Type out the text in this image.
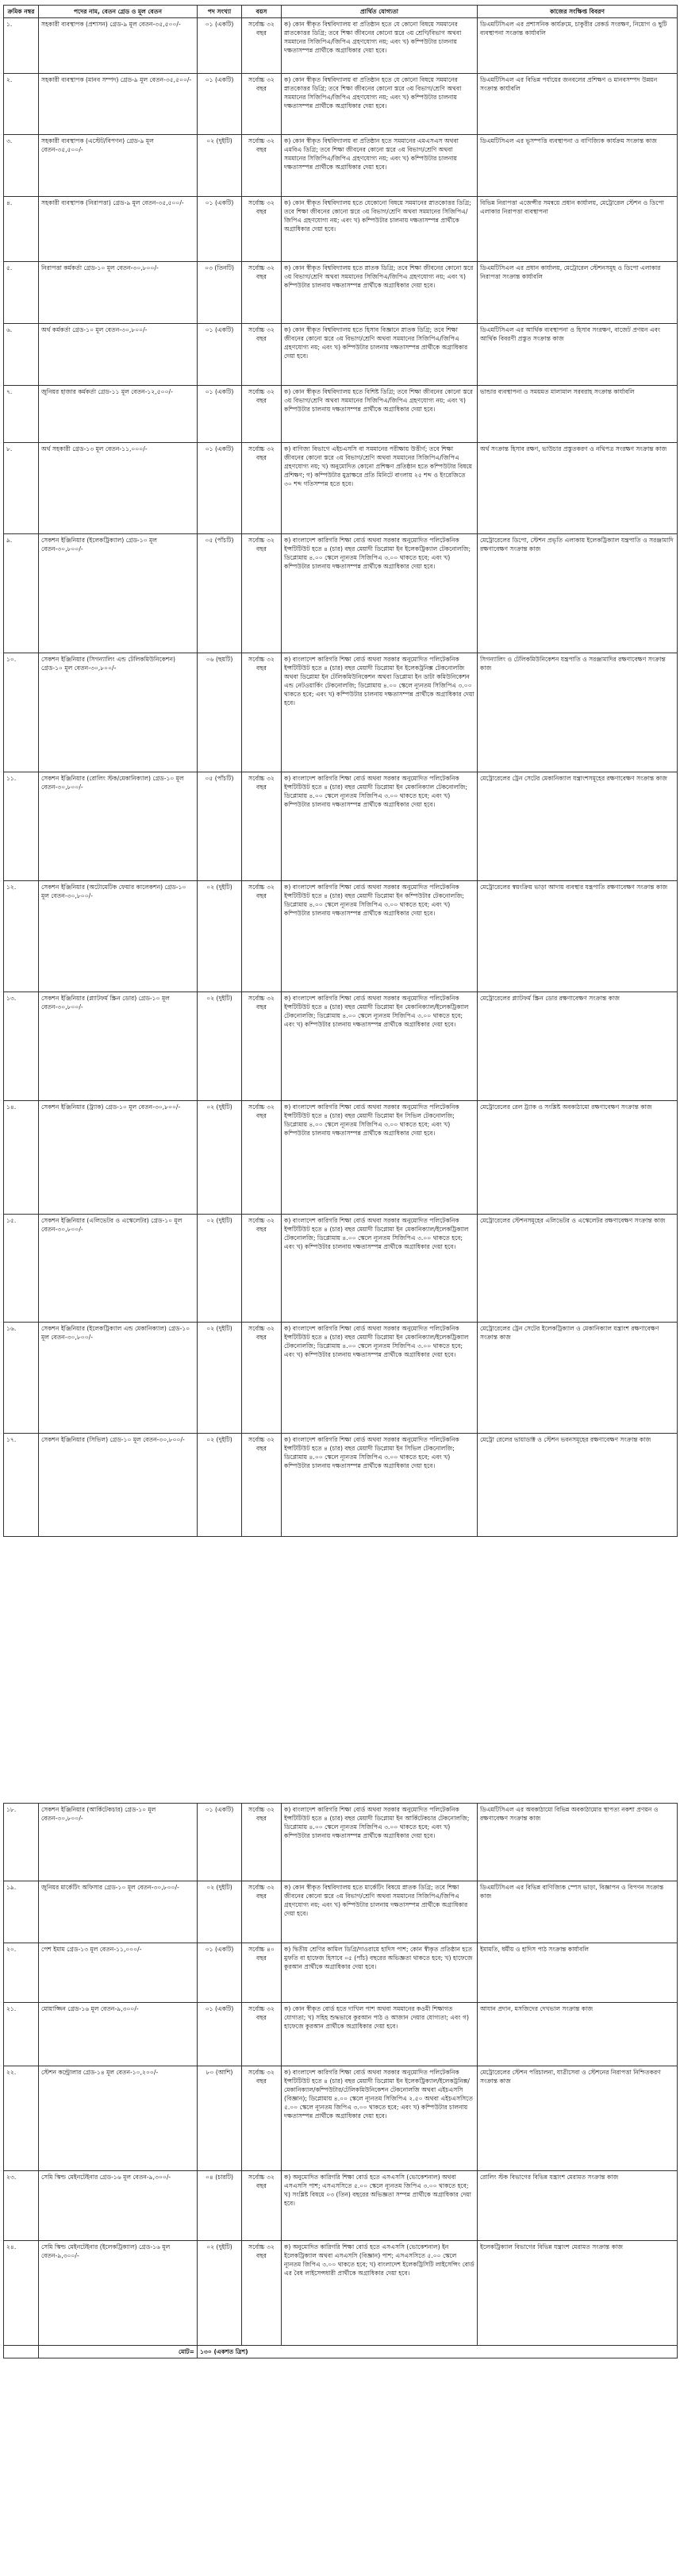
ক্রমিক নম্বর	পদের নাম, বেতন গ্রেড ও মূল বেতন	পদ সংখ্যা	বয়স	প্রার্থিত যোগ্যতা	কাজের সংক্ষিপ্ত বিবরণ
১.	সহকারী ব্যবস্থাপক (প্রশাসন) গ্রেড-৯ মূল বেতন-৩৫,৫০০/-	০১ (একটি)	সর্বোচ্চ ৩২ বছর	ক) কোন স্বীকৃত বিশ্ববিদ্যালয় বা প্রতিষ্ঠান হতে যে কোনো বিষয়ে সমমানের স্নাতকোত্তর ডিগ্রি; তবে শিক্ষা জীবনের কোনো স্তরে ৩য় শ্রেণি/বিভাগ অথবা সমমানের সিজিপিএ/জিপিএ গ্রহণযোগ্য নয়; এবং খ) কম্পিউটার চালনায় দক্ষতাসম্পন্ন প্রার্থীকে অগ্রাধিকার দেয়া হবে।	ডিএমটিসিএল এর প্রশাসনিক কার্যক্রমে, চাকুরীর রেকর্ড সংরক্ষণ, নিয়োগ ও ছুটি ব্যবস্থাপনা সংক্রান্ত কার্যাবলি
২.	সহকারী ব্যবস্থাপক (মানব সম্পদ) গ্রেড-৯ মূল বেতন-৩৫,৫০০/-	০১ (একটি)	সর্বোচ্চ ৩২ বছর	ক) কোন স্বীকৃত বিশ্ববিদ্যালয় বা প্রতিষ্ঠান হতে যে কোনো বিষয়ে সমমানের স্নাতকোত্তর ডিগ্রি; তবে শিক্ষা জীবনের কোনো স্তরে ৩য় বিভাগ/শ্রেণি অথবা সমমানের সিজিপিএ/জিপিএ গ্রহণযোগ্য নয়; এবং খ) কম্পিউটার চালনায় দক্ষতাসম্পন্ন প্রার্থীকে অগ্রাধিকার দেয়া হবে।	ডিএমটিসিএল এর বিভিন্ন পর্যায়ের জনবলের প্রশিক্ষণ ও মানবসম্পদ উন্নয়ন সংক্রান্ত কার্যাবলি
৩.	সহকারী ব্যবস্থাপক (এস্টেট/বিপণন) গ্রেড-৯ মূল বেতন-৩৫,৫০০/-	০২ (দুইটি)	সর্বোচ্চ ৩২ বছর	ক) কোন স্বীকৃত বিশ্ববিদ্যালয় বা প্রতিষ্ঠান হতে সমমানের এমএসএস অথবা এমবিএ ডিগ্রি; তবে শিক্ষা জীবনের কোনো স্তরে ৩য় বিভাগ/শ্রেণি অথবা সমমানের সিজিপিএ/জিপিএ গ্রহণযোগ্য নয়; এবং খ) কম্পিউটার চালনায় দক্ষতাসম্পন্ন প্রার্থীকে অগ্রাধিকার দেয়া হবে।	ডিএমটিসিএল এর ভূসম্পত্তি ব্যবস্থাপনা ও বাণিজ্যিক কার্যক্রম সংক্রান্ত কাজ
৪.	সহকারী ব্যবস্থাপক (নিরাপত্তা) গ্রেড-৯ মূল বেতন-৩৫,৫০০/-	০১ (একটি)	সর্বোচ্চ ৩২ বছর	ক) কোন স্বীকৃত বিশ্ববিদ্যালয় হতে যেকোনো বিষয়ে সমমানের স্নাতকোত্তর ডিগ্রি; তবে শিক্ষা জীবনের কোনো স্তরে ৩য় বিভাগ/শ্রেণি অথবা সমমানের সিজিপিএ/জিপিএ গ্রহণযোগ্য নয়; এবং খ) কম্পিউটার চালনায় দক্ষতাসম্পন্ন প্রার্থীকে অগ্রাধিকার দেয়া হবে।	বিভিন্ন নিরাপত্তা এজেন্সীর সমন্বয়ে প্রধান কার্যালয়, মেট্রোরেল স্টেশন ও ডিপো এলাকার নিরাপত্তা ব্যবস্থাপনা
৫.	নিরাপত্তা কর্মকর্তা গ্রেড-১০ মূল বেতন-৩০,৮০০/-	০৩ (তিনটি)	সর্বোচ্চ ৩২ বছর	ক) কোন স্বীকৃত বিশ্ববিদ্যালয় হতে স্নাতক ডিগ্রি; তবে শিক্ষা জীবনের কোনো স্তরে ৩য় বিভাগ/শ্রেণি অথবা সমমানের সিজিপিএ/জিপিএ গ্রহণযোগ্য নয়; এবং খ) কম্পিউটার চালনায় দক্ষতাসম্পন্ন প্রার্থীকে অগ্রাধিকার দেয়া হবে।	ডিএমটিসিএল এর প্রধান কার্যালয়, মেট্রোরেল স্টেশনসমূহ ও ডিপো এলাকার নিরাপত্তা সংক্রান্ত কার্যাবলি
৬.	অর্থ কর্মকর্তা গ্রেড-১০ মূল বেতন-৩০,৮০০/-	০১ (একটি)	সর্বোচ্চ ৩২ বছর	ক) কোন স্বীকৃত বিশ্ববিদ্যালয় হতে হিসাব বিজ্ঞানে স্নাতক ডিগ্রি; তবে শিক্ষা জীবনের কোনো স্তরে ৩য় বিভাগ/শ্রেণি অথবা সমমানের সিজিপিএ/জিপিএ গ্রহণযোগ্য নয়; এবং খ) কম্পিউটার চালনায় দক্ষতাসম্পন্ন প্রার্থীকে অগ্রাধিকার দেয়া হবে।	ডিএমটিসিএল এর আর্থিক ব্যবস্থাপনা ও হিসাব সংরক্ষণ, বাজেট প্রণয়ন এবং আর্থিক বিবরণী প্রস্তুত সংক্রান্ত কাজ
৭.	জুনিয়র হাজার কর্মকর্তা গ্রেড-১১ মূল বেতন-১২,৫০০/-	০১ (একটি)	সর্বোচ্চ ৩২ বছর	ক) কোন স্বীকৃত বিশ্ববিদ্যালয় হতে বিশিষ্ট ডিগ্রি; তবে শিক্ষা জীবনের কোনো স্তরে ৩য় বিভাগ/শ্রেণি অথবা সমমানের সিজিপিএ/জিপিএ গ্রহণযোগ্য নয়; এবং খ) কম্পিউটার চালনায় দক্ষতাসম্পন্ন প্রার্থীকে অগ্রাধিকার দেয়া হবে।	ভান্ডার ব্যবস্থাপনা ও সময়মত মালামাল সরবরাহ সংক্রান্ত কার্যাবলি
৮.	অর্থ সহকারী গ্রেড-১৩ মূল বেতন-১১,০০০/-	০১ (একটি)	সর্বোচ্চ ৩২ বছর	ক) বাণিজ্য বিভাগে এইচএসসি বা সমমানের পরীক্ষায় উত্তীর্ণ; তবে শিক্ষা জীবনের কোনো স্তরে ৩য় বিভাগ/শ্রেণি অথবা সমমানের সিজিপিএ/জিপিএ গ্রহণযোগ্য নয়; খ) অনুমোদিত কোনো প্রশিক্ষণ প্রতিষ্ঠান হতে কম্পিউটার বিষয়ে প্রশিক্ষণ; গ) কম্পিউটার মুদ্রাক্ষরে প্রতি মিনিটে বাংলায় ২৫ শব্দ ও ইংরেজিতে ৩০ শব্দ গতিসম্পন্ন হতে হবে।	অর্থ সংক্রান্ত হিসাব রক্ষণ, ভাউচার প্রস্তুতকরণ ও নথিপত্র সংরক্ষণ সংক্রান্ত কাজ
৯.	সেকশন ইঞ্জিনিয়ার (ইলেকট্রিক্যাল) গ্রেড-১০ মূল বেতন-৩০,৮০০/-	০৫ (পাঁচটি)	সর্বোচ্চ ৩২ বছর	ক) বাংলাদেশ কারিগরি শিক্ষা বোর্ড অথবা সরকার অনুমোদিত পলিটেকনিক ইন্সটিটিউট হতে ৪ (চার) বছর মেয়াদী ডিপ্লোমা ইন ইলেকট্রিক্যাল টেকনোলজি; ডিপ্লোমায় ৪.০০ স্কেলে ন্যূনতম সিজিপিএ ৩.০০ থাকতে হবে; এবং খ) কম্পিউটার চালনায় দক্ষতাসম্পন্ন প্রার্থীকে অগ্রাধিকার দেয়া হবে।	মেট্রোরেলের ডিপো, স্টেশন প্রভৃতি এলাকায় ইলেকট্রিক্যাল যন্ত্রপাতি ও সরঞ্জামাদি রক্ষণাবেক্ষণ সংক্রান্ত কাজ
১০.	সেকশন ইঞ্জিনিয়ার (সিগন্যালিং এন্ড টেলিকমিউনিকেশন) গ্রেড-১০ মূল বেতন-৩০,৮০০/-	০৬ (ছয়টি)	সর্বোচ্চ ৩২ বছর	ক) বাংলাদেশ কারিগরি শিক্ষা বোর্ড অথবা সরকার অনুমোদিত পলিটেকনিক ইন্সটিটিউট হতে ৪ (চার) বছর মেয়াদী ডিপ্লোমা ইন ইলেকট্রনিক্স টেকনোলজি অথবা ডিপ্লোমা ইন টেলিকমিউনিকেশন অথবা ডিপ্লোমা ইন ডাটা কমিউনিকেশন এন্ড নেটওয়ার্কিং টেকনোলজি; ডিপ্লোমায় ৪.০০ স্কেলে ন্যূনতম সিজিপিএ ৩.০০ থাকতে হবে; এবং খ) কম্পিউটার চালনায় দক্ষতাসম্পন্ন প্রার্থীকে অগ্রাধিকার দেয়া হবে।	সিগন্যালিং ও টেলিকমিউনিকেশন যন্ত্রপাতি ও সরঞ্জামাদির রক্ষণাবেক্ষণ সংক্রান্ত কাজ
১১.	সেকশন ইঞ্জিনিয়ার (রোলিং স্টক/মেকানিক্যাল) গ্রেড-১০ মূল বেতন-৩০,৮০০/-	০৫ (পাঁচটি)	সর্বোচ্চ ৩২ বছর	ক) বাংলাদেশ কারিগরি শিক্ষা বোর্ড অথবা সরকার অনুমোদিত পলিটেকনিক ইন্সটিটিউট হতে ৪ (চার) বছর মেয়াদী ডিপ্লোমা ইন মেকানিক্যাল টেকনোলজি; ডিপ্লোমায় ৪.০০ স্কেলে ন্যূনতম সিজিপিএ ৩.০০ থাকতে হবে; এবং খ) কম্পিউটার চালনায় দক্ষতাসম্পন্ন প্রার্থীকে অগ্রাধিকার দেয়া হবে।	মেট্রোরেলের ট্রেন সেটের মেকানিক্যাল যন্ত্রাংশসমূহের রক্ষণাবেক্ষণ সংক্রান্ত কাজ
১২.	সেকশন ইঞ্জিনিয়ার (অটোমেটিক ফেয়ার কালেকশন) গ্রেড-১০ মূল বেতন-৩০,৮০০/-	০২ (দুইটি)	সর্বোচ্চ ৩২ বছর	ক) বাংলাদেশ কারিগরি শিক্ষা বোর্ড অথবা সরকার অনুমোদিত পলিটেকনিক ইন্সটিটিউট হতে ৪ (চার) বছর মেয়াদী ডিপ্লোমা ইন কম্পিউটার টেকনোলজি; ডিপ্লোমায় ৪.০০ স্কেলে ন্যূনতম সিজিপিএ ৩.০০ থাকতে হবে; এবং খ) কম্পিউটার চালনায় দক্ষতাসম্পন্ন প্রার্থীকে অগ্রাধিকার দেয়া হবে।	মেট্রোরেলের স্বয়ংক্রিয় ভাড়া আদায় ব্যবস্থার যন্ত্রপাতি রক্ষণাবেক্ষণ সংক্রান্ত কাজ
১৩.	সেকশন ইঞ্জিনিয়ার (প্ল্যাটফর্ম স্ক্রিন ডোর) গ্রেড-১০ মূল বেতন-৩০,৮০০/-	০২ (দুইটি)	সর্বোচ্চ ৩২ বছর	ক) বাংলাদেশ কারিগরি শিক্ষা বোর্ড অথবা সরকার অনুমোদিত পলিটেকনিক ইন্সটিটিউট হতে ৪ (চার) বছর মেয়াদী ডিপ্লোমা ইন মেকানিক্যাল/ইলেকট্রিক্যাল টেকনোলজি; ডিপ্লোমায় ৪.০০ স্কেলে ন্যূনতম সিজিপিএ ৩.০০ থাকতে হবে; এবং খ) কম্পিউটার চালনায় দক্ষতাসম্পন্ন প্রার্থীকে অগ্রাধিকার দেয়া হবে।	মেট্রোরেলের প্ল্যাটফর্ম স্ক্রিন ডোর রক্ষণাবেক্ষণ সংক্রান্ত কাজ
১৪.	সেকশন ইঞ্জিনিয়ার (ট্র্যাক) গ্রেড-১০ মূল বেতন-৩০,৮০০/-	০২ (দুইটি)	সর্বোচ্চ ৩২ বছর	ক) বাংলাদেশ কারিগরি শিক্ষা বোর্ড অথবা সরকার অনুমোদিত পলিটেকনিক ইন্সটিটিউট হতে ৪ (চার) বছর মেয়াদী ডিপ্লোমা ইন সিভিল টেকনোলজি; ডিপ্লোমায় ৪.০০ স্কেলে ন্যূনতম সিজিপিএ ৩.০০ থাকতে হবে; এবং খ) কম্পিউটার চালনায় দক্ষতাসম্পন্ন প্রার্থীকে অগ্রাধিকার দেয়া হবে।	মেট্রোরেলের রেল ট্র্যাক ও সংশ্লিষ্ট অবকাঠামো রক্ষণাবেক্ষণ সংক্রান্ত কাজ
১৫.	সেকশন ইঞ্জিনিয়ার (এলিভেটর ও এস্কেলেটর) গ্রেড-১০ মূল বেতন-৩০,৮০০/-	০২ (দুইটি)	সর্বোচ্চ ৩২ বছর	ক) বাংলাদেশ কারিগরি শিক্ষা বোর্ড অথবা সরকার অনুমোদিত পলিটেকনিক ইন্সটিটিউট হতে ৪ (চার) বছর মেয়াদী ডিপ্লোমা ইন মেকানিক্যাল/ইলেকট্রিক্যাল টেকনোলজি; ডিপ্লোমায় ৪.০০ স্কেলে ন্যূনতম সিজিপিএ ৩.০০ থাকতে হবে; এবং খ) কম্পিউটার চালনায় দক্ষতাসম্পন্ন প্রার্থীকে অগ্রাধিকার দেয়া হবে।	মেট্রোরেলের স্টেশনসমূহের এলিভেটর ও এস্কেলেটর রক্ষণাবেক্ষণ সংক্রান্ত কাজ
১৬.	সেকশন ইঞ্জিনিয়ার (ইলেকট্রিক্যাল এন্ড মেকানিক্যাল) গ্রেড-১০ মূল বেতন-৩০,৮০০/-	০২ (দুইটি)	সর্বোচ্চ ৩২ বছর	ক) বাংলাদেশ কারিগরি শিক্ষা বোর্ড অথবা সরকার অনুমোদিত পলিটেকনিক ইন্সটিটিউট হতে ৪ (চার) বছর মেয়াদী ডিপ্লোমা ইন মেকানিক্যাল/ইলেকট্রিক্যাল টেকনোলজি; ডিপ্লোমায় ৪.০০ স্কেলে ন্যূনতম সিজিপিএ ৩.০০ থাকতে হবে; এবং খ) কম্পিউটার চালনায় দক্ষতাসম্পন্ন প্রার্থীকে অগ্রাধিকার দেয়া হবে।	মেট্রোরেলের ট্রেন সেটের ইলেকট্রিক্যাল ও মেকানিক্যাল যন্ত্রাংশ রক্ষণাবেক্ষণ সংক্রান্ত কাজ
১৭.	সেকশন ইঞ্জিনিয়ার (সিভিল) গ্রেড-১০ মূল বেতন-৩০,৮০০/-	০২ (দুইটি)	সর্বোচ্চ ৩২ বছর	ক) বাংলাদেশ কারিগরি শিক্ষা বোর্ড অথবা সরকার অনুমোদিত পলিটেকনিক ইন্সটিটিউট হতে ৪ (চার) বছর মেয়াদী ডিপ্লোমা ইন সিভিল টেকনোলজি; ডিপ্লোমায় ৪.০০ স্কেলে ন্যূনতম সিজিপিএ ৩.০০ থাকতে হবে; এবং খ) কম্পিউটার চালনায় দক্ষতাসম্পন্ন প্রার্থীকে অগ্রাধিকার দেয়া হবে।	মেট্রো রেলের ভায়াডাক্ট ও স্টেশন ভবনসমূহের রক্ষণাবেক্ষণ সংক্রান্ত কাজ
১৮.	সেকশন ইঞ্জিনিয়ার (আর্কিটেকচার) গ্রেড-১০ মূল বেতন-৩০,৮০০/-	০১ (একটি)	সর্বোচ্চ ৩২ বছর	ক) বাংলাদেশ কারিগরি শিক্ষা বোর্ড অথবা সরকার অনুমোদিত পলিটেকনিক ইন্সটিটিউট হতে ৪ (চার) বছর মেয়াদী ডিপ্লোমা ইন আর্কিটেকচার টেকনোলজি; ডিপ্লোমায় ৪.০০ স্কেলে ন্যূনতম সিজিপিএ ৩.০০ থাকতে হবে; এবং খ) কম্পিউটার চালনায় দক্ষতাসম্পন্ন প্রার্থীকে অগ্রাধিকার দেয়া হবে।	ডিএমটিসিএল এর অবকাঠামো বিভিন্ন অবকাঠামোর স্থাপত্য নকশা প্রণয়ন ও রক্ষণাবেক্ষণ সংক্রান্ত কাজ
১৯.	জুনিয়র মার্কেটিং অফিসার গ্রেড-১০ মূল বেতন-৩০,৮০০/-	০২ (দুইটি)	সর্বোচ্চ ৩২ বছর	ক) কোন স্বীকৃত বিশ্ববিদ্যালয় হতে মার্কেটিং বিষয়ে স্নাতক ডিগ্রি; তবে শিক্ষা জীবনের কোনো স্তরে ৩য় বিভাগ/শ্রেণি অথবা সমমানের সিজিপিএ/জিপিএ গ্রহণযোগ্য নয়; এবং খ) কম্পিউটার চালনায় দক্ষতাসম্পন্ন প্রার্থীকে অগ্রাধিকার দেয়া হবে।	ডিএমটিসিএল এর বিভিন্ন বাণিজ্যিক স্পেস ভাড়া, বিজ্ঞাপন ও বিপণন সংক্রান্ত কাজ
২০.	পেশ ইমাম গ্রেড-১৩ মূল বেতন-১১,০০০/-	০১ (একটি)	সর্বোচ্চ ৪০ বছর	ক) দ্বিতীয় শ্রেণির কামিল ডিগ্রি/দাওরায়ে হাদিস পাশ; কোন স্বীকৃত প্রতিষ্ঠান হতে মুফতি বা হাফেজ হিসাবে ০৫ (পাঁচ) বছরের অভিজ্ঞতা থাকতে হবে; খ) হাফেজে কুরআন প্রার্থীকে অগ্রাধিকার দেয়া হবে।	ইমামতি, ধর্মীয় ও হাদিস পাঠ সংক্রান্ত কার্যাবলি
২১.	মোয়াজ্জিন গ্রেড-১৬ মূল বেতন-৯,৩০০/-	০১ (একটি)	সর্বোচ্চ ৩২ বছর	ক) কোন স্বীকৃত বোর্ড হতে দাখিল পাশ অথবা সমমানের কওমী শিক্ষাগত যোগ্যতা; খ) সহিহ শুদ্ধভাবে কুরআন পাঠ ও আজান দেয়ার যোগ্যতা; এবং গ) হাফেজে কুরআন প্রার্থীকে অগ্রাধিকার দেয়া হবে।	আযান প্রদান, মসজিদের দেখভাল সংক্রান্ত কাজ
২২.	স্টেশন কন্ট্রোলার গ্রেড-১৪ মূল বেতন-১০,২০০/-	৮০ (আশি)	সর্বোচ্চ ৩২ বছর	ক) বাংলাদেশ কারিগরি শিক্ষা বোর্ড অথবা সরকার অনুমোদিত পলিটেকনিক ইন্সটিটিউট হতে ৪ (চার) বছর মেয়াদী ডিপ্লোমা ইন ইলেকট্রিক্যাল/ইলেকট্রনিক্স/মেকানিক্যাল/কম্পিউটার/টেলিকমিউনিকেশন টেকনোলজি অথবা এইচএসসি (বিজ্ঞান); ডিপ্লোমায় ৪.০০ স্কেলে ন্যূনতম সিজিপিএ ২.৫০ অথবা এইচএসসিতে ৫.০০ স্কেলে ন্যূনতম জিপিএ ৩.০০ থাকতে হবে; এবং খ) কম্পিউটার চালনায় দক্ষতাসম্পন্ন প্রার্থীকে অগ্রাধিকার দেয়া হবে।	মেট্রোরেলের স্টেশন পরিচালনা, যাত্রীসেবা ও স্টেশনের নিরাপত্তা নিশ্চিতকরণ সংক্রান্ত কাজ
২৩.	সেমি স্কিল্ড মেইনটেইনার গ্রেড-১৬ মূল বেতন-৯,৩০০/-	০৪ (চারটি)	সর্বোচ্চ ৩২ বছর	ক) অনুমোদিত কারিগরি শিক্ষা বোর্ড হতে এসএসসি (ভোকেশনাল) অথবা এসএসসি পাশ; এসএসসিতে ৫.০০ স্কেলে ন্যূনতম জিপিএ ৩.০০ থাকতে হবে; খ) সংশ্লিষ্ট বিষয়ে ০৩ (তিন) বছরের অভিজ্ঞতা সম্পন্ন প্রার্থীকে অগ্রাধিকার দেয়া হবে।	রোলিং স্টক বিভাগের বিভিন্ন যন্ত্রাংশ মেরামত সংক্রান্ত কাজ
২৪.	সেমি স্কিল্ড মেইনটেইনার (ইলেকট্রিক্যাল) গ্রেড-১৬ মূল বেতন-৯,৩০০/-	০২ (দুইটি)	সর্বোচ্চ ৩২ বছর	ক) অনুমোদিত কারিগরি শিক্ষা বোর্ড হতে এসএসসি (ভোকেশনাল) ইন ইলেকট্রিক্যাল অথবা এসএসসি (বিজ্ঞান) পাশ; এসএসসিতে ৫.০০ স্কেলে ন্যূনতম জিপিএ ৩.০০ থাকতে হবে; খ) বাংলাদেশ ইলেকট্রিসিটি লাইসেন্সিং বোর্ড এর বৈধ লাইসেন্সধারী প্রার্থীকে অগ্রাধিকার দেয়া হবে।	ইলেকট্রিক্যাল বিভাগের বিভিন্ন যন্ত্রাংশ মেরামত সংক্রান্ত কাজ
	মোট=	১৩০ (একশত ত্রিশ)			
